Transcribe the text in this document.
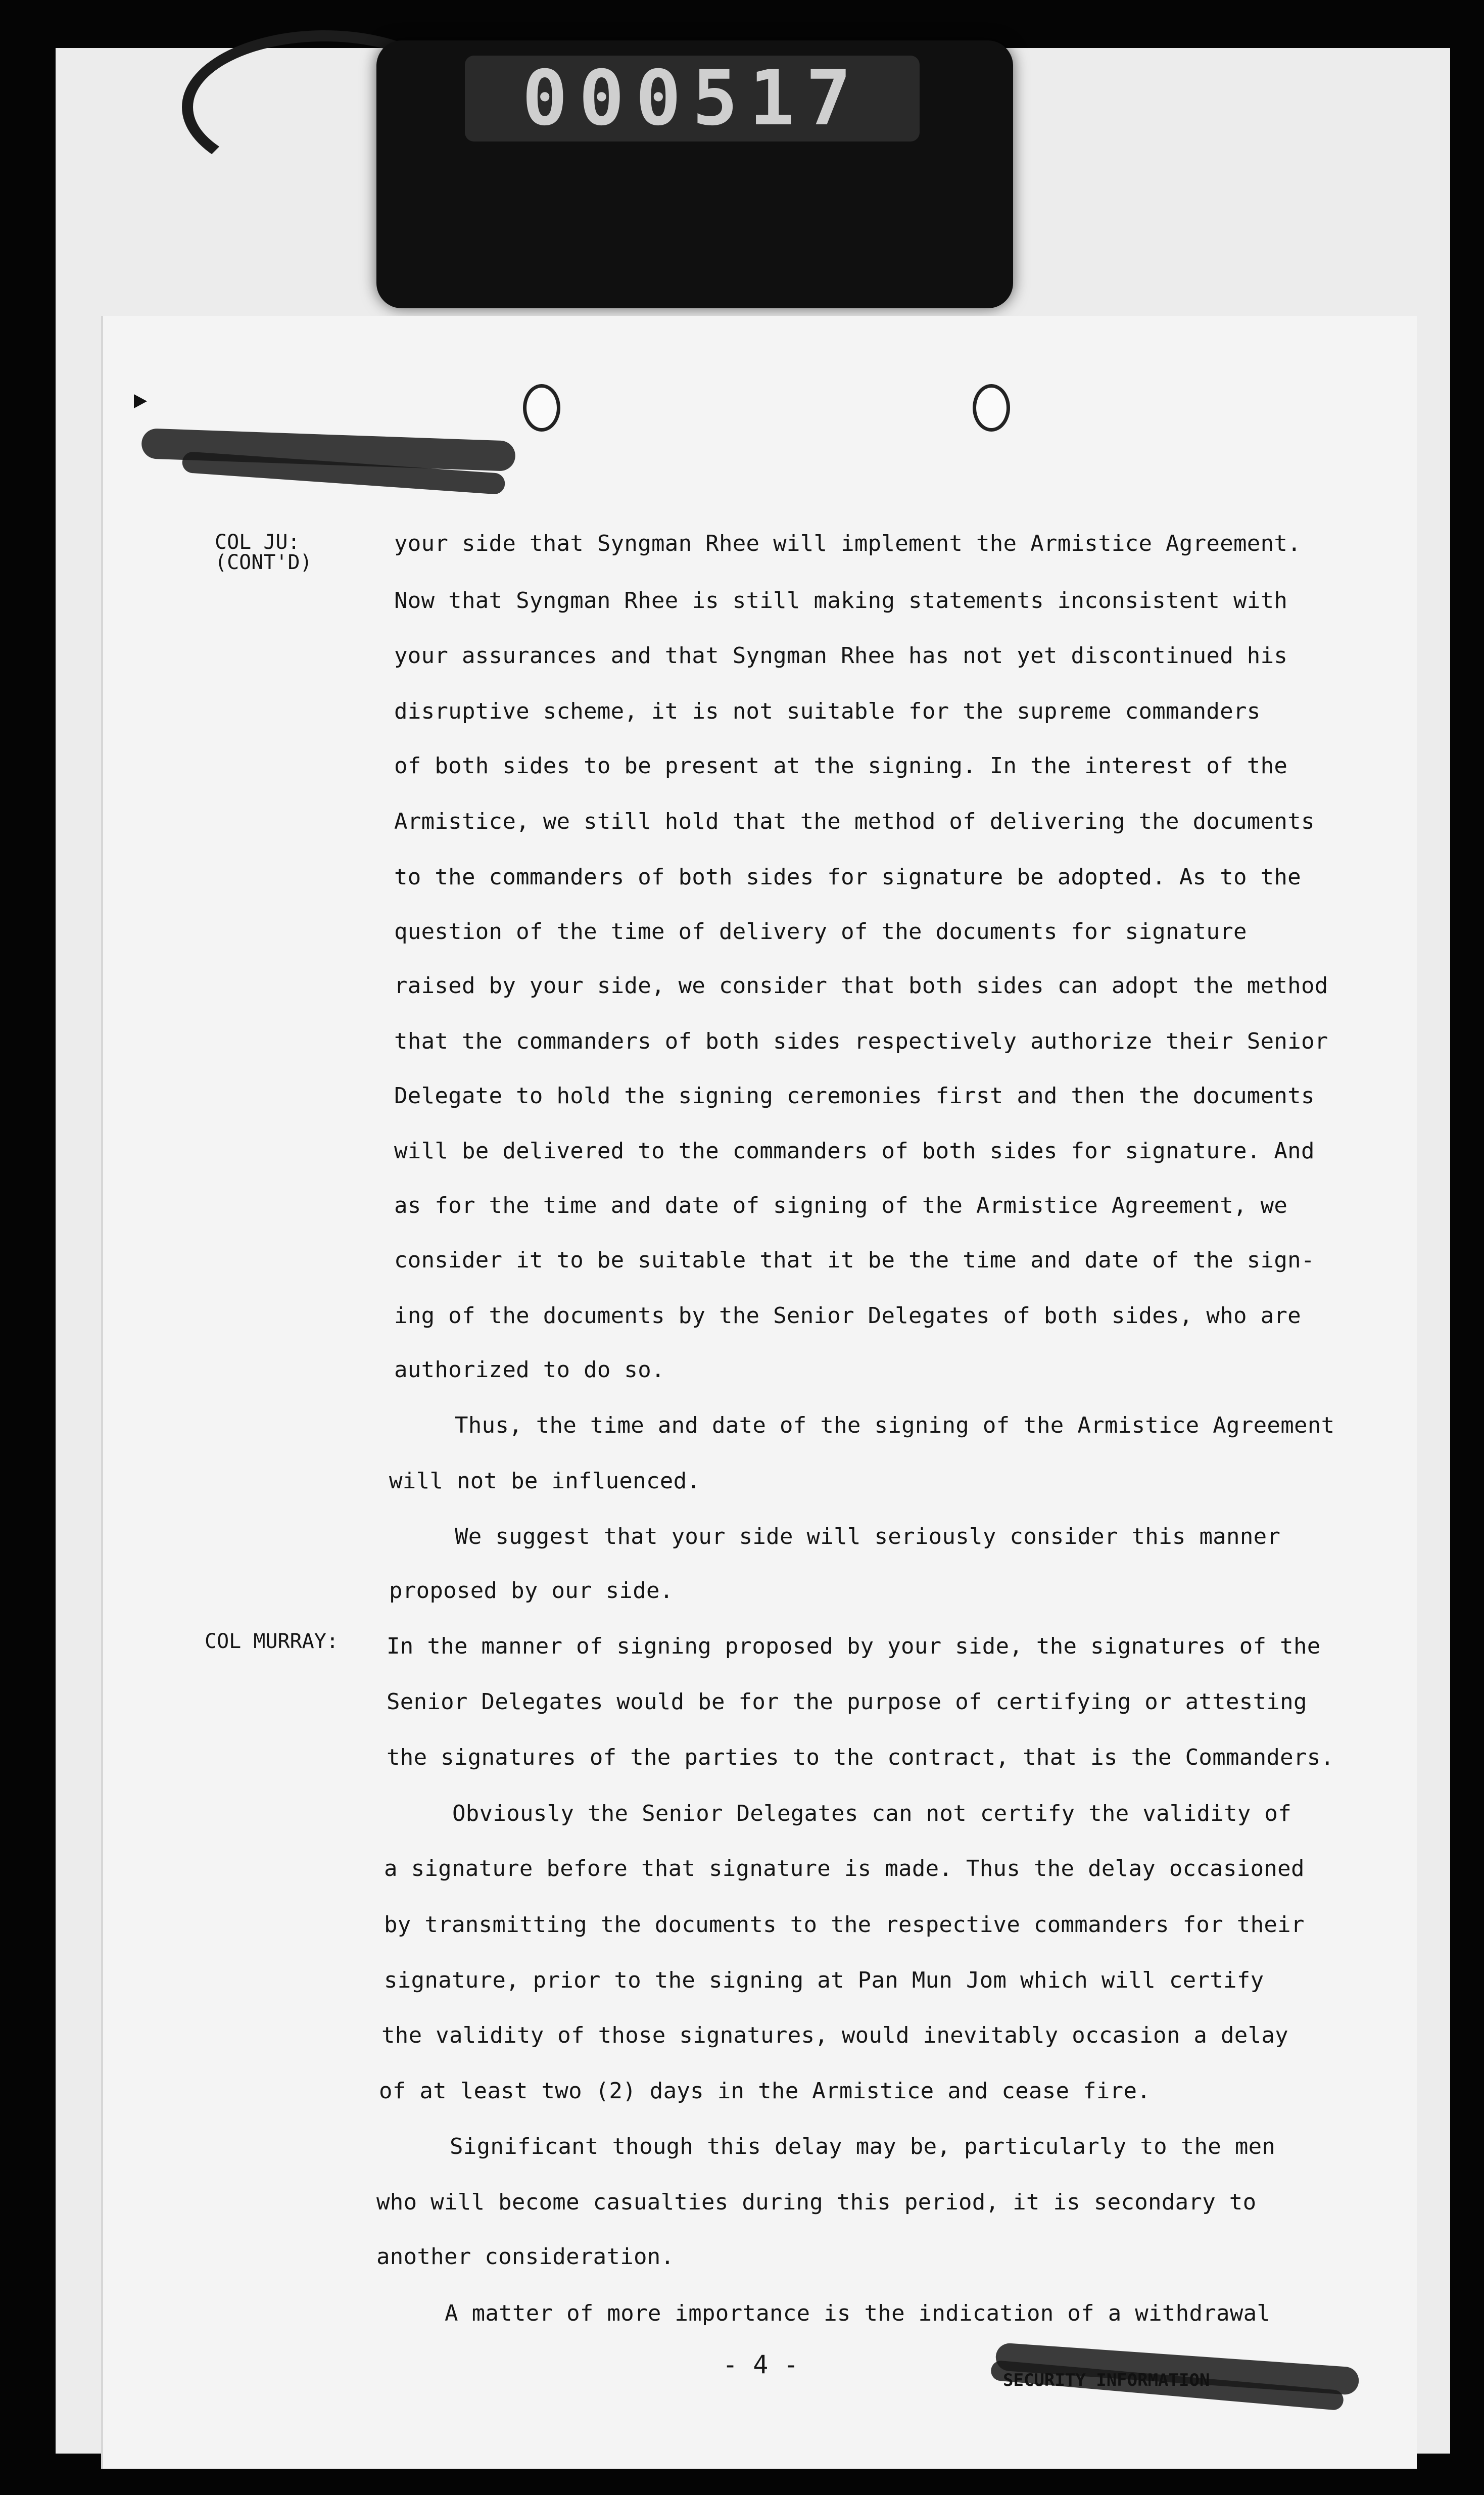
000517
COL JU:
(CONT'D)
COL MURRAY:
your side that Syngman Rhee will implement the Armistice Agreement.
Now that Syngman Rhee is still making statements inconsistent with
your assurances and that Syngman Rhee has not yet discontinued his
disruptive scheme, it is not suitable for the supreme commanders
of both sides to be present at the signing. In the interest of the
Armistice, we still hold that the method of delivering the documents
to the commanders of both sides for signature be adopted. As to the
question of the time of delivery of the documents for signature
raised by your side, we consider that both sides can adopt the method
that the commanders of both sides respectively authorize their Senior
Delegate to hold the signing ceremonies first and then the documents
will be delivered to the commanders of both sides for signature. And
as for the time and date of signing of the Armistice Agreement, we
consider it to be suitable that it be the time and date of the sign-
ing of the documents by the Senior Delegates of both sides, who are
authorized to do so.
Thus, the time and date of the signing of the Armistice Agreement
will not be influenced.
We suggest that your side will seriously consider this manner
proposed by our side.
In the manner of signing proposed by your side, the signatures of the
Senior Delegates would be for the purpose of certifying or attesting
the signatures of the parties to the contract, that is the Commanders.
Obviously the Senior Delegates can not certify the validity of
a signature before that signature is made. Thus the delay occasioned
by transmitting the documents to the respective commanders for their
signature, prior to the signing at Pan Mun Jom which will certify
the validity of those signatures, would inevitably occasion a delay
of at least two (2) days in the Armistice and cease fire.
Significant though this delay may be, particularly to the men
who will become casualties during this period, it is secondary to
another consideration.
A matter of more importance is the indication of a withdrawal
- 4 -
SECURITY INFORMATION
